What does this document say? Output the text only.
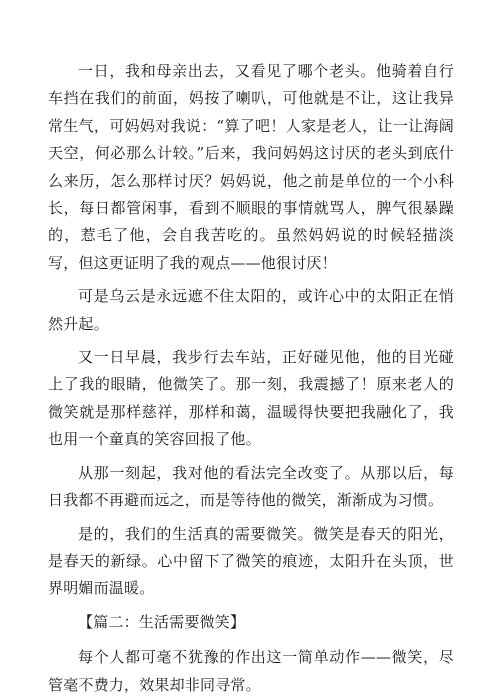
一日，我和母亲出去，又看见了哪个老头。他骑着自行车挡在我们的前面，妈按了喇叭，可他就是不让，这让我异常生气，可妈妈对我说：“算了吧！人家是老人，让一让海阔天空，何必那么计较。”后来，我问妈妈这讨厌的老头到底什么来历，怎么那样讨厌？妈妈说，他之前是单位的一个小科长，每日都管闲事，看到不顺眼的事情就骂人，脾气很暴躁的，惹毛了他，会自我苦吃的。虽然妈妈说的时候轻描淡写，但这更证明了我的观点——他很讨厌！

可是乌云是永远遮不住太阳的，或许心中的太阳正在悄然升起。

又一日早晨，我步行去车站，正好碰见他，他的目光碰上了我的眼睛，他微笑了。那一刻，我震撼了！原来老人的微笑就是那样慈祥，那样和蔼，温暖得快要把我融化了，我也用一个童真的笑容回报了他。

从那一刻起，我对他的看法完全改变了。从那以后，每日我都不再避而远之，而是等待他的微笑，渐渐成为习惯。

是的，我们的生活真的需要微笑。微笑是春天的阳光，是春天的新绿。心中留下了微笑的痕迹，太阳升在头顶，世界明媚而温暖。

【篇二：生活需要微笑】

每个人都可毫不犹豫的作出这一简单动作——微笑，尽管毫不费力，效果却非同寻常。
